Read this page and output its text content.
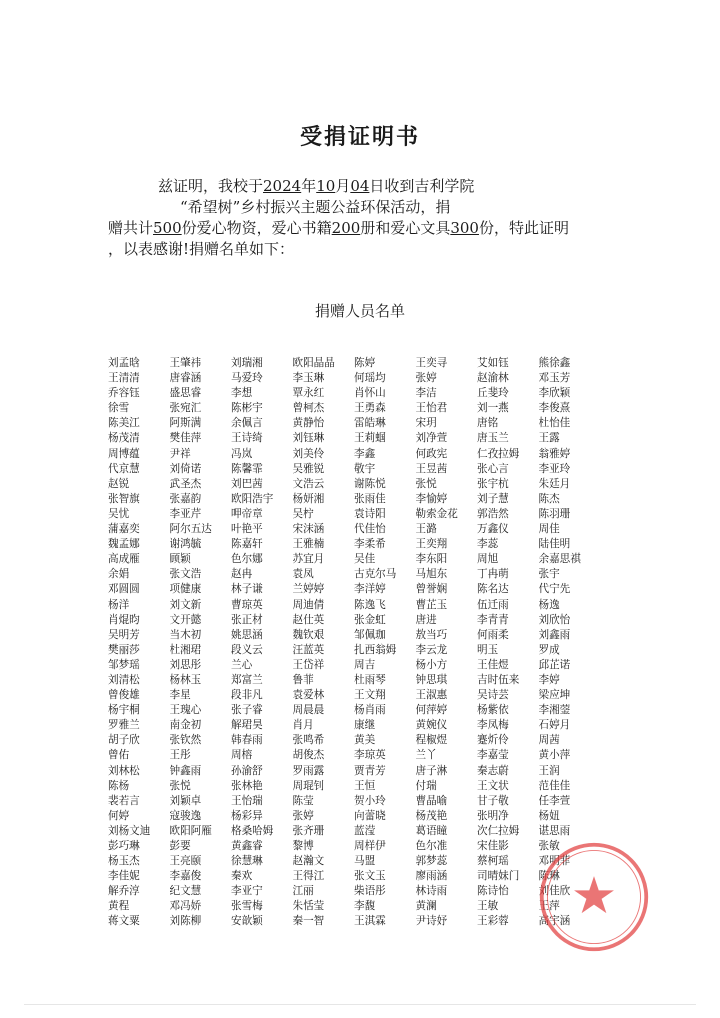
受捐证明书

兹证明，我校于2024年10月04日收到吉利学院

“希望树”乡村振兴主题公益环保活动，捐

赠共计500份爱心物资，爱心书籍200册和爱心文具300份，特此证明

，以表感谢!捐赠名单如下：

捐赠人员名单
刘孟晗	王肇祎	刘瑞湘	欧阳晶晶	陈婷	王奕寻	艾如钰	熊徐鑫
王清清	唐睿涵	马爱玲	李玉琳	何瑶均	张婷	赵渝林	邓玉芳
乔容钰	盛思睿	李想	覃永红	肖怀山	李洁	丘斐玲	李欣颖
徐雪	张宛汇	陈彬宇	曾柯杰	王勇森	王怡君	刘一燕	李俊熹
陈美江	阿斯满	余佩言	黄静怡	雷皓琳	宋玥	唐铭	杜怡佳
杨茂清	樊佳萍	王诗绮	刘钰琳	王莉蝈	刘净萱	唐玉兰	王露
周博蕴	尹祥	冯岚	刘美伶	李鑫	何政宪	仁孜拉姆	翁雅婷
代京慧	刘倚诺	陈馨霏	吴雅锐	敬宇	王昱茜	张心言	李亚玲
赵锐	武圣杰	刘巴茜	文浩云	谢陈悦	张悦	张宇杭	朱廷月
张智旗	张嘉韵	欧阳浩宇	杨妍湘	张雨佳	李愉婷	刘子慧	陈杰
吴忧	李亚芹	呷帝章	吴柠	袁诗阳	勒索金花	郭浩然	陈羽珊
蒲嘉奕	阿尔五达	叶艳平	宋沫涵	代佳怡	王潞	万鑫仪	周佳
魏孟娜	谢鸿毓	陈嘉轩	王雅楠	李柔希	王奕翔	李蕊	陆佳明
高成雁	顾颖	色尔娜	苏宜月	吴佳	李东阳	周旭	余嘉思祺
余娟	张文浩	赵冉	袁凤	古克尔马	马旭东	丁冉萌	张宇
邓圆圆	项健康	林子谦	兰婷婷	李洋婷	曾誉娴	陈名达	代宁先
杨洋	刘文新	曹琼英	周迪倩	陈逸飞	曹芷玉	伍迁雨	杨逸
肖焜昀	文开懿	张正材	赵仕英	张金虹	唐进	李青青	刘欣怡
吴明芳	当木初	姚思涵	魏钦艰	邹佩珈	敖当巧	何雨柔	刘鑫雨
樊丽莎	杜湘珺	段义云	汪蓝英	扎西翁姆	李云龙	明玉	罗成
邹梦瑶	刘思彤	兰心	王岱祥	周吉	杨小方	王佳煜	邱芷诺
刘清松	杨林玉	郑富兰	鲁菲	杜雨琴	钟思琪	吉时伍来	李婷
曾俊雄	李星	段非凡	袁爱林	王文翔	王淑惠	吴诗芸	梁应坤
杨宇桐	王瑰心	张子睿	周晨晨	杨肖雨	何萍婷	杨紫依	李湘蓥
罗雅兰	南金初	解珺昊	肖月	康继	黄婉仪	李凤梅	石婷月
胡子欣	张钦然	韩春雨	张鸣希	黄美	程椒煜	蹇炘伶	周茜
曾佑	王彤	周榕	胡俊杰	李琼英	兰丫	李嘉莹	黄小萍
刘林松	钟鑫雨	孙渝舒	罗雨露	贾青芳	唐子淋	秦志蔚	王润
陈杨	张悦	张林艳	周琨钊	王恒	付瑞	王文状	范佳佳
裴若言	刘颖卓	王怡瑞	陈莹	贺小玲	曹晶喻	甘子敬	任李萱
何婷	寇骏逸	杨彩异	张婷	向蕾晓	杨茂艳	张明净	杨妞
刘杨文迪	欧阳阿雁	格桑哈姆	张齐珊	蓝滢	葛语瞳	次仁拉姆	谌思雨
彭巧琳	彭要	黄鑫睿	黎博	周样伊	色尔准	宋佳影	张敏
杨玉杰	王亮颐	徐慧琳	赵瀚文	马盟	郭梦蕊	蔡柯瑶	邓明菲
李佳妮	李嘉俊	秦欢	王得江	张文玉	廖雨涵	司晴妹门	陈琳
解乔淳	纪文慧	李亚宁	江丽	柴语彤	林诗雨	陈诗怡	刘佳欣
黄程	邓冯娇	张雪梅	朱恬莹	李馥	黄澜	王敏	王萍
蒋文粟	刘陈柳	安歆颖	秦一智	王淇霖	尹诗妤	王彩蓉	高宇涵
